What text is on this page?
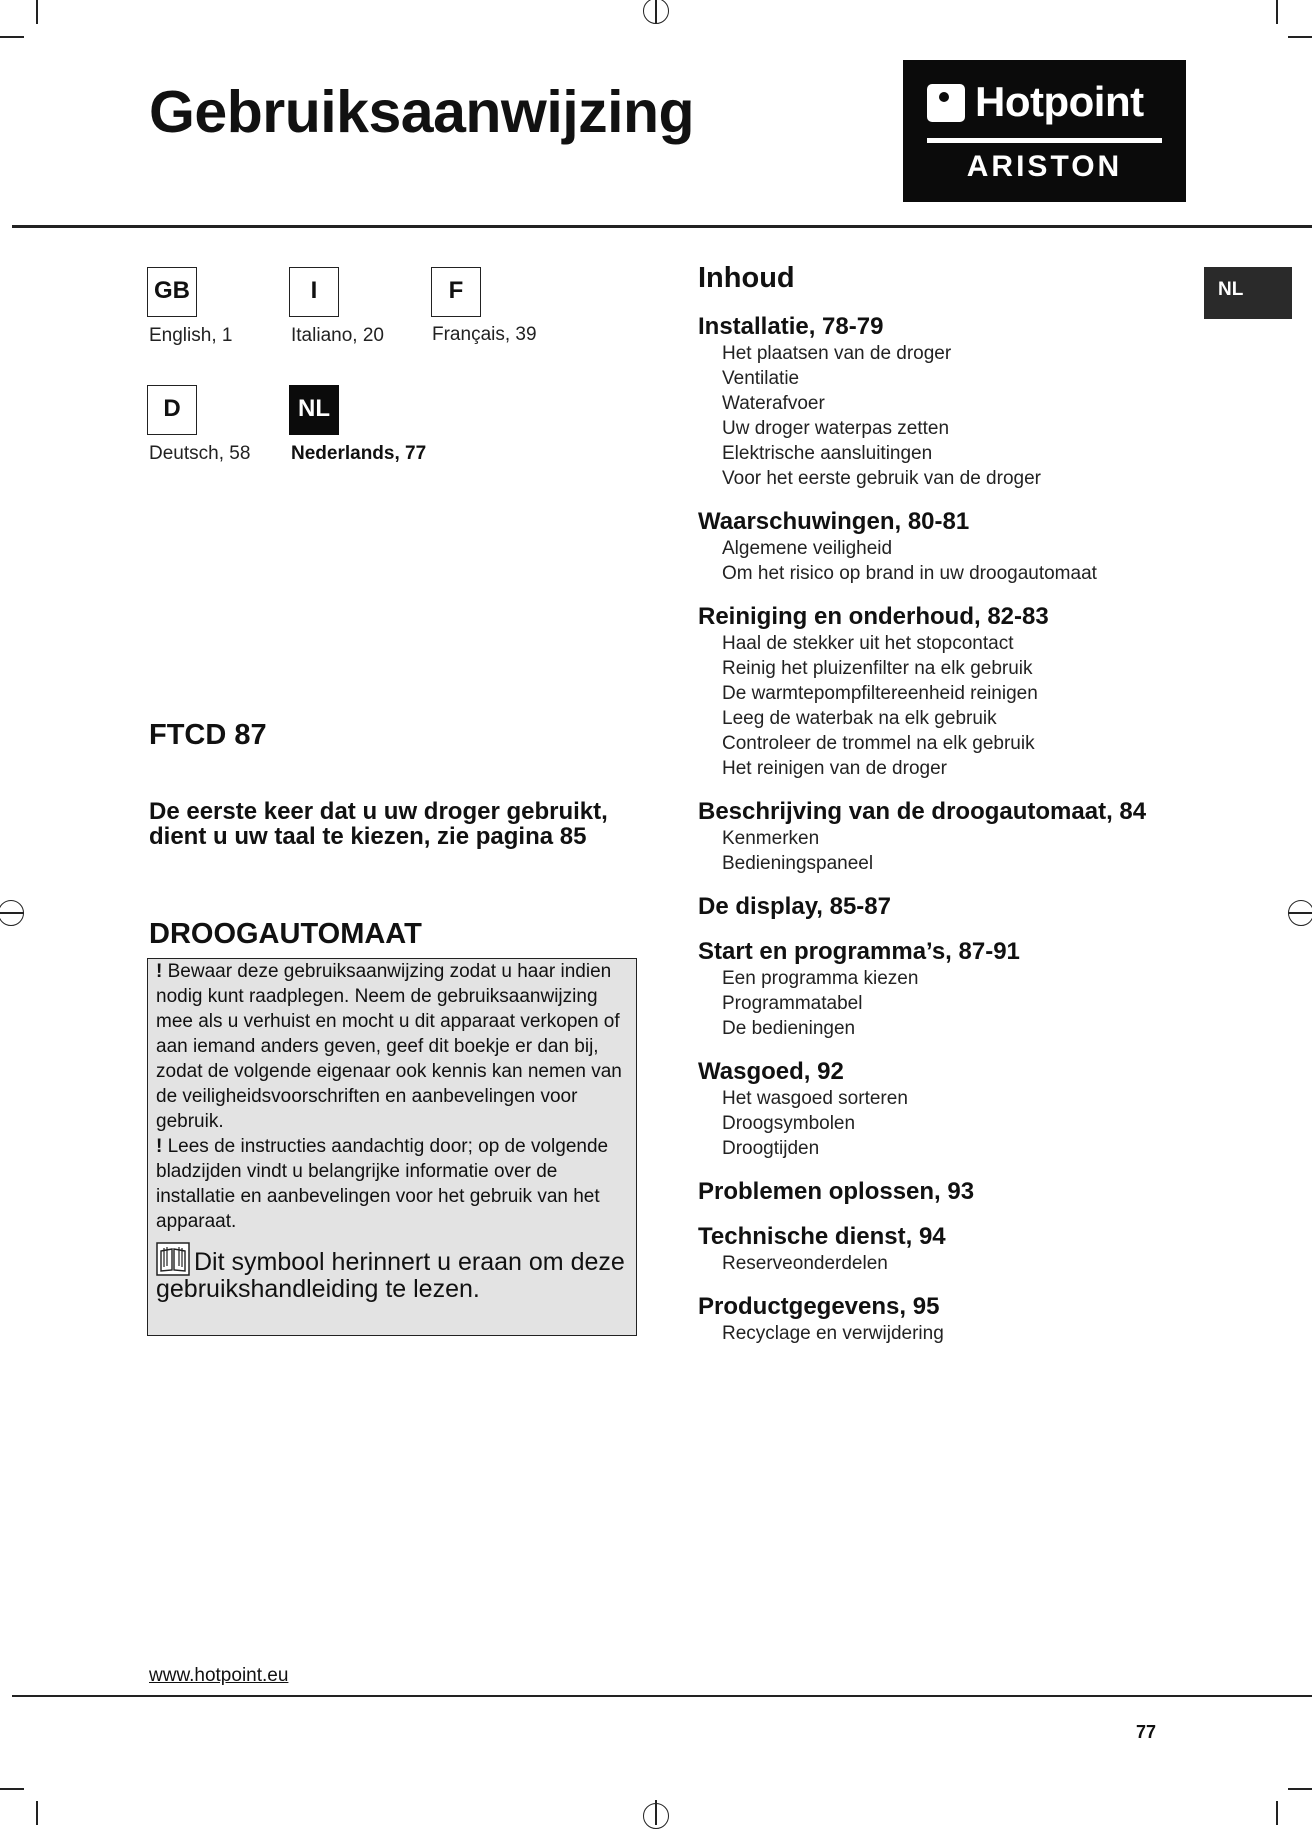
Gebruiksaanwijzing	Hotpoint
ARISTON
GB
English, 1
I
Italiano, 20
F
Français, 39
D
Deutsch, 58
NL
Nederlands, 77
NL
FTCD 87
De eerste keer dat u uw droger gebruikt, dient u uw taal te kiezen, zie pagina 85
DROOGAUTOMAAT

! Bewaar deze gebruiksaanwijzing zodat u haar indien nodig kunt raadplegen. Neem de gebruiksaanwijzing mee als u verhuist en mocht u dit apparaat verkopen of aan iemand anders geven, geef dit boekje er dan bij, zodat de volgende eigenaar ook kennis kan nemen van de veiligheidsvoorschriften en aanbevelingen voor gebruik.

! Lees de instructies aandachtig door; op de volgende bladzijden vindt u belangrijke informatie over de installatie en aanbevelingen voor het gebruik van het apparaat.

Dit symbool herinnert u eraan om deze gebruikshandleiding te lezen.

Inhoud
Installatie, 78-79
Het plaatsen van de droger
Ventilatie
Waterafvoer
Uw droger waterpas zetten
Elektrische aansluitingen
Voor het eerste gebruik van de droger
Waarschuwingen, 80-81
Algemene veiligheid
Om het risico op brand in uw droogautomaat
Reiniging en onderhoud, 82-83
Haal de stekker uit het stopcontact
Reinig het pluizenfilter na elk gebruik
De warmtepompfiltereenheid reinigen
Leeg de waterbak na elk gebruik
Controleer de trommel na elk gebruik
Het reinigen van de droger
Beschrijving van de droogautomaat, 84
Kenmerken
Bedieningspaneel
De display, 85-87
Start en programma’s, 87-91
Een programma kiezen
Programmatabel
De bedieningen
Wasgoed, 92
Het wasgoed sorteren
Droogsymbolen
Droogtijden
Problemen oplossen, 93
Technische dienst, 94
Reserveonderdelen
Productgegevens, 95
Recyclage en verwijdering
www.hotpoint.eu
77
